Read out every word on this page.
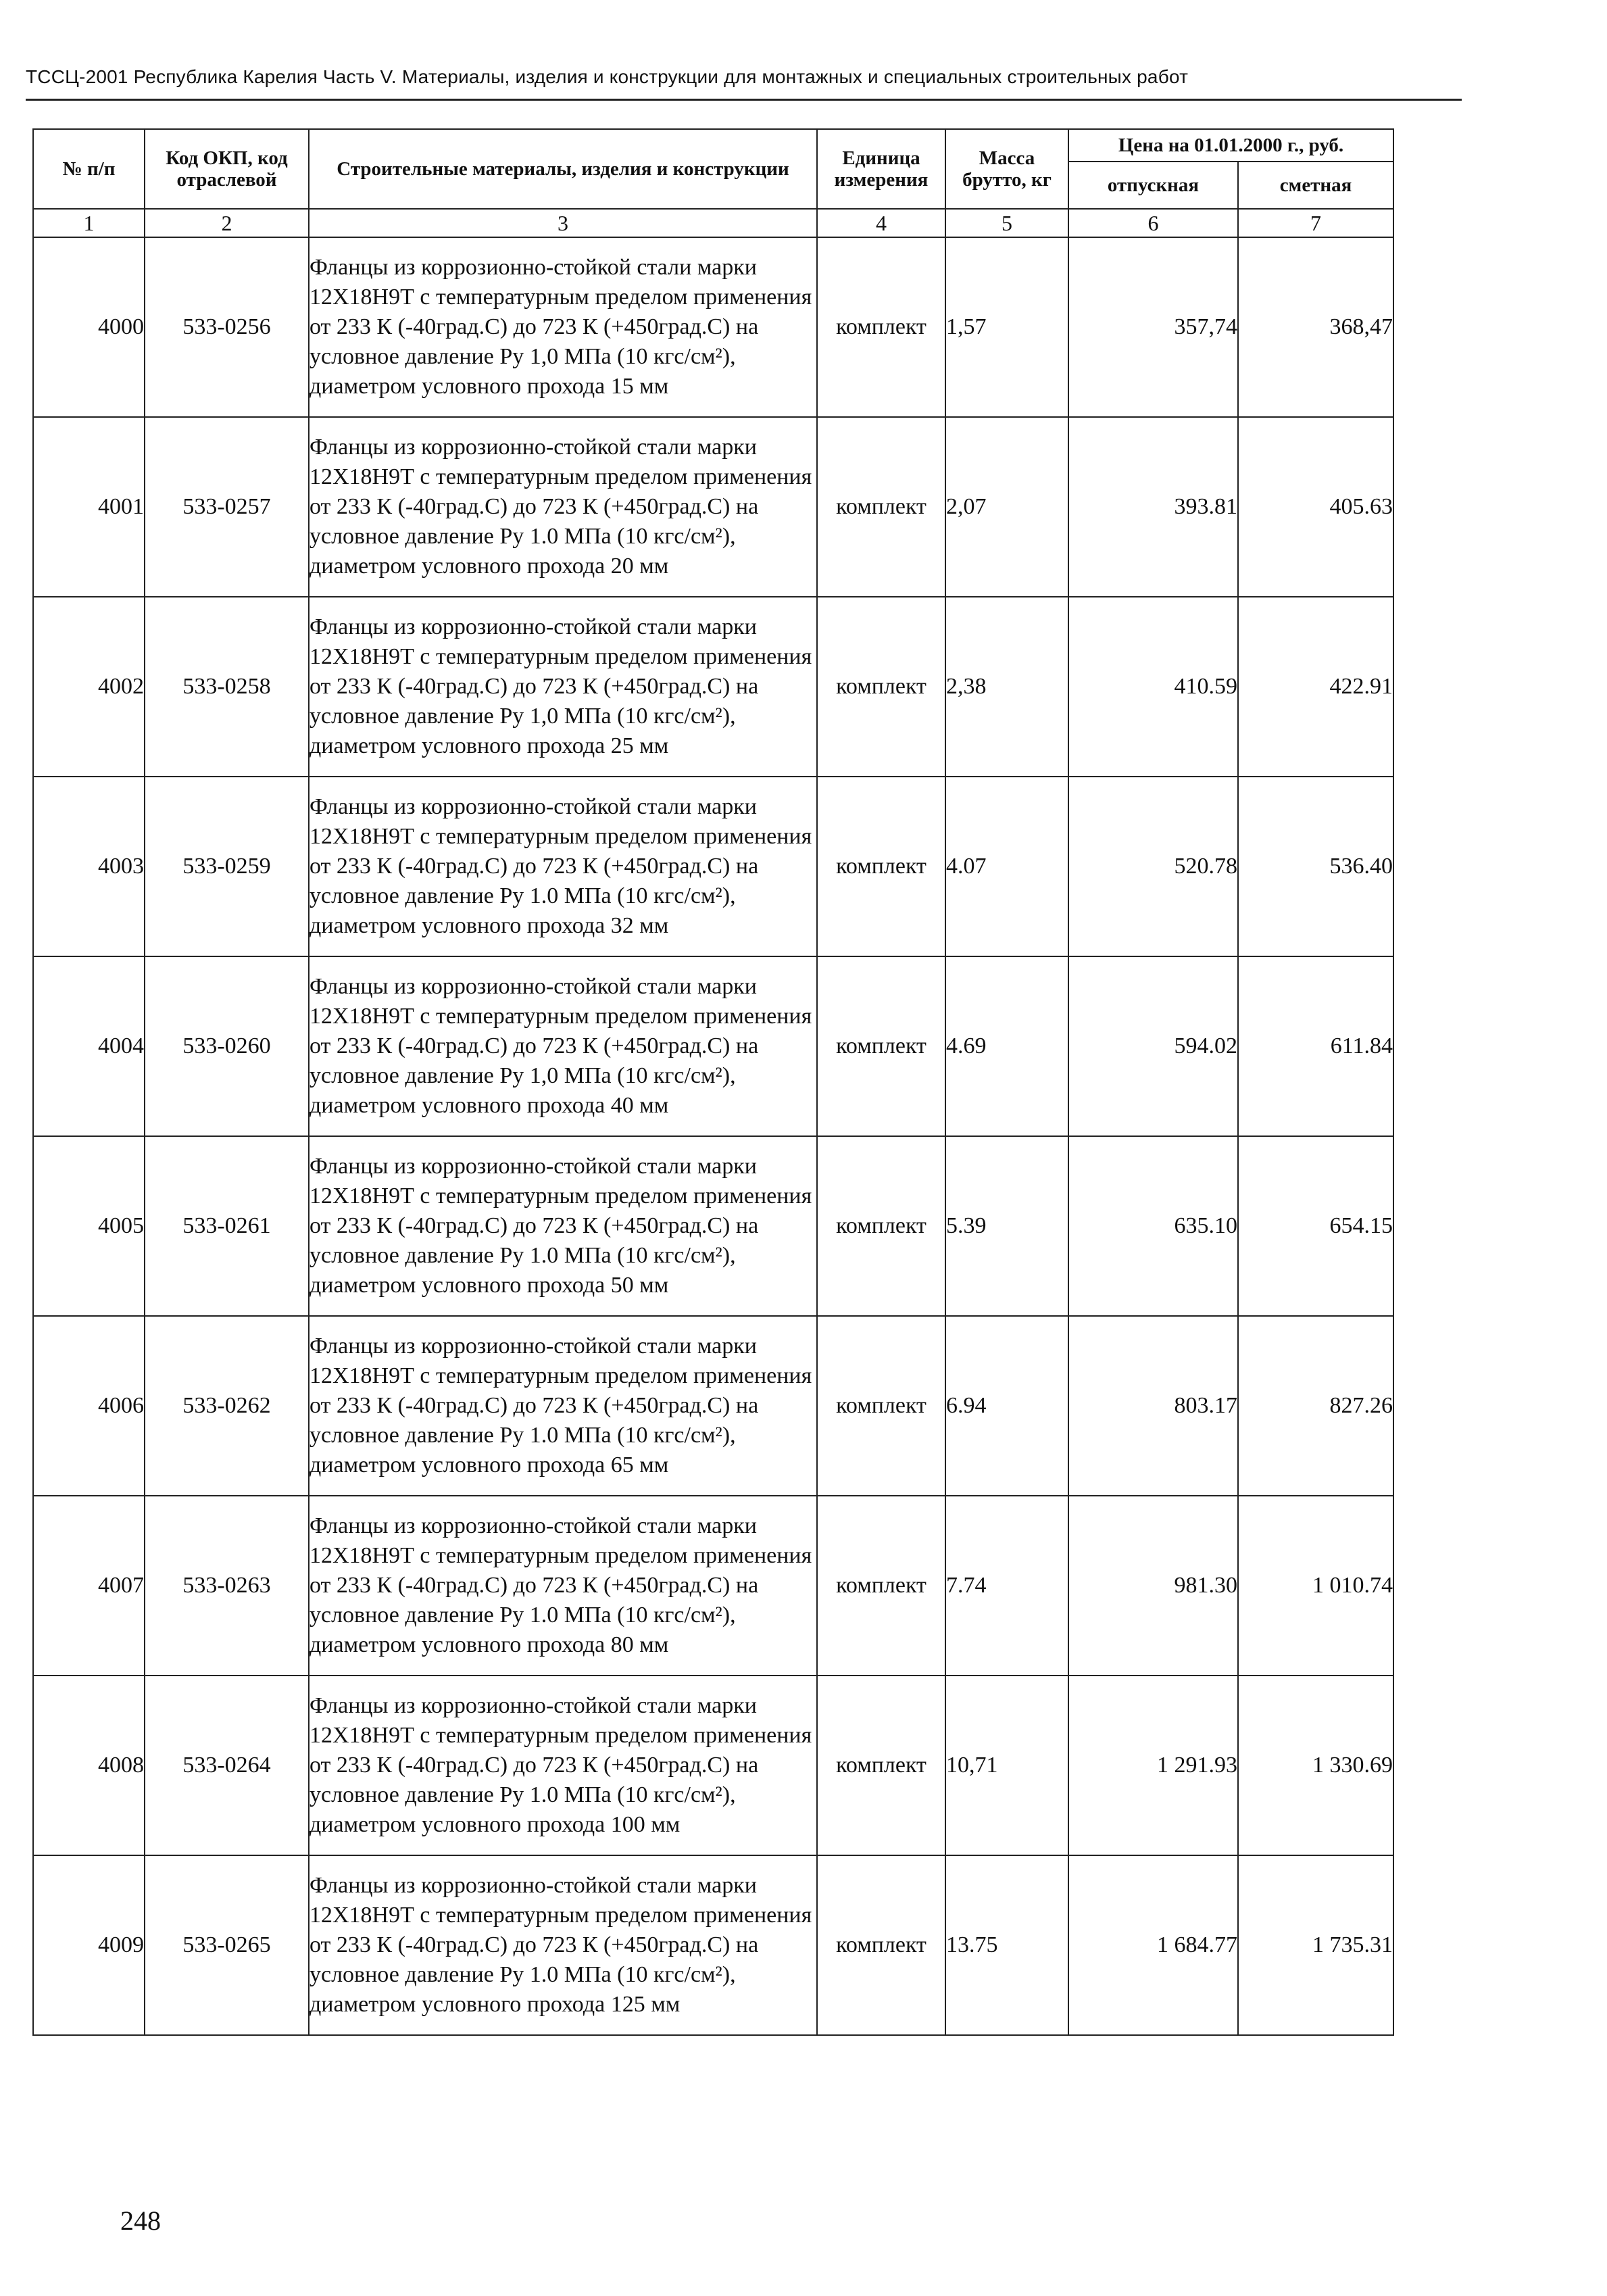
ТССЦ-2001 Республика Карелия Часть V. Материалы, изделия и конструкции для монтажных и специальных строительных работ
№ п/п	Код ОКП, код отраслевой	Строительные материалы, изделия и конструкции	Единица измерения	Масса брутто, кг	Цена на 01.01.2000 г., руб.	
					отпускная	сметная
1	2	3	4	5	6	7
4000	533-0256	Фланцы из коррозионно-стойкой стали марки 12Х18Н9Т с температурным пределом применения от 233 К (-40град.С) до 723 К (+450град.С) на условное давление Ру 1,0 МПа (10 кгс/см²), диаметром условного прохода 15 мм	комплект	1,57	357,74	368,47
4001	533-0257	Фланцы из коррозионно-стойкой стали марки 12Х18Н9Т с температурным пределом применения от 233 К (-40град.С) до 723 К (+450град.С) на условное давление Ру 1.0 МПа (10 кгс/см²), диаметром условного прохода 20 мм	комплект	2,07	393.81	405.63
4002	533-0258	Фланцы из коррозионно-стойкой стали марки 12Х18Н9Т с температурным пределом применения от 233 К (-40град.С) до 723 К (+450град.С) на условное давление Ру 1,0 МПа (10 кгс/см²), диаметром условного прохода 25 мм	комплект	2,38	410.59	422.91
4003	533-0259	Фланцы из коррозионно-стойкой стали марки 12Х18Н9Т с температурным пределом применения от 233 К (-40град.С) до 723 К (+450град.С) на условное давление Ру 1.0 МПа (10 кгс/см²), диаметром условного прохода 32 мм	комплект	4.07	520.78	536.40
4004	533-0260	Фланцы из коррозионно-стойкой стали марки 12Х18Н9Т с температурным пределом применения от 233 К (-40град.С) до 723 К (+450град.С) на условное давление Ру 1,0 МПа (10 кгс/см²), диаметром условного прохода 40 мм	комплект	4.69	594.02	611.84
4005	533-0261	Фланцы из коррозионно-стойкой стали марки 12Х18Н9Т с температурным пределом применения от 233 К (-40град.С) до 723 К (+450град.С) на условное давление Ру 1.0 МПа (10 кгс/см²), диаметром условного прохода 50 мм	комплект	5.39	635.10	654.15
4006	533-0262	Фланцы из коррозионно-стойкой стали марки 12Х18Н9Т с температурным пределом применения от 233 К (-40град.С) до 723 К (+450град.С) на условное давление Ру 1.0 МПа (10 кгс/см²), диаметром условного прохода 65 мм	комплект	6.94	803.17	827.26
4007	533-0263	Фланцы из коррозионно-стойкой стали марки 12Х18Н9Т с температурным пределом применения от 233 К (-40град.С) до 723 К (+450град.С) на условное давление Ру 1.0 МПа (10 кгс/см²), диаметром условного прохода 80 мм	комплект	7.74	981.30	1 010.74
4008	533-0264	Фланцы из коррозионно-стойкой стали марки 12Х18Н9Т с температурным пределом применения от 233 К (-40град.С) до 723 К (+450град.С) на условное давление Ру 1.0 МПа (10 кгс/см²), диаметром условного прохода 100 мм	комплект	10,71	1 291.93	1 330.69
4009	533-0265	Фланцы из коррозионно-стойкой стали марки 12Х18Н9Т с температурным пределом применения от 233 К (-40град.С) до 723 К (+450град.С) на условное давление Ру 1.0 МПа (10 кгс/см²), диаметром условного прохода 125 мм	комплект	13.75	1 684.77	1 735.31
248
